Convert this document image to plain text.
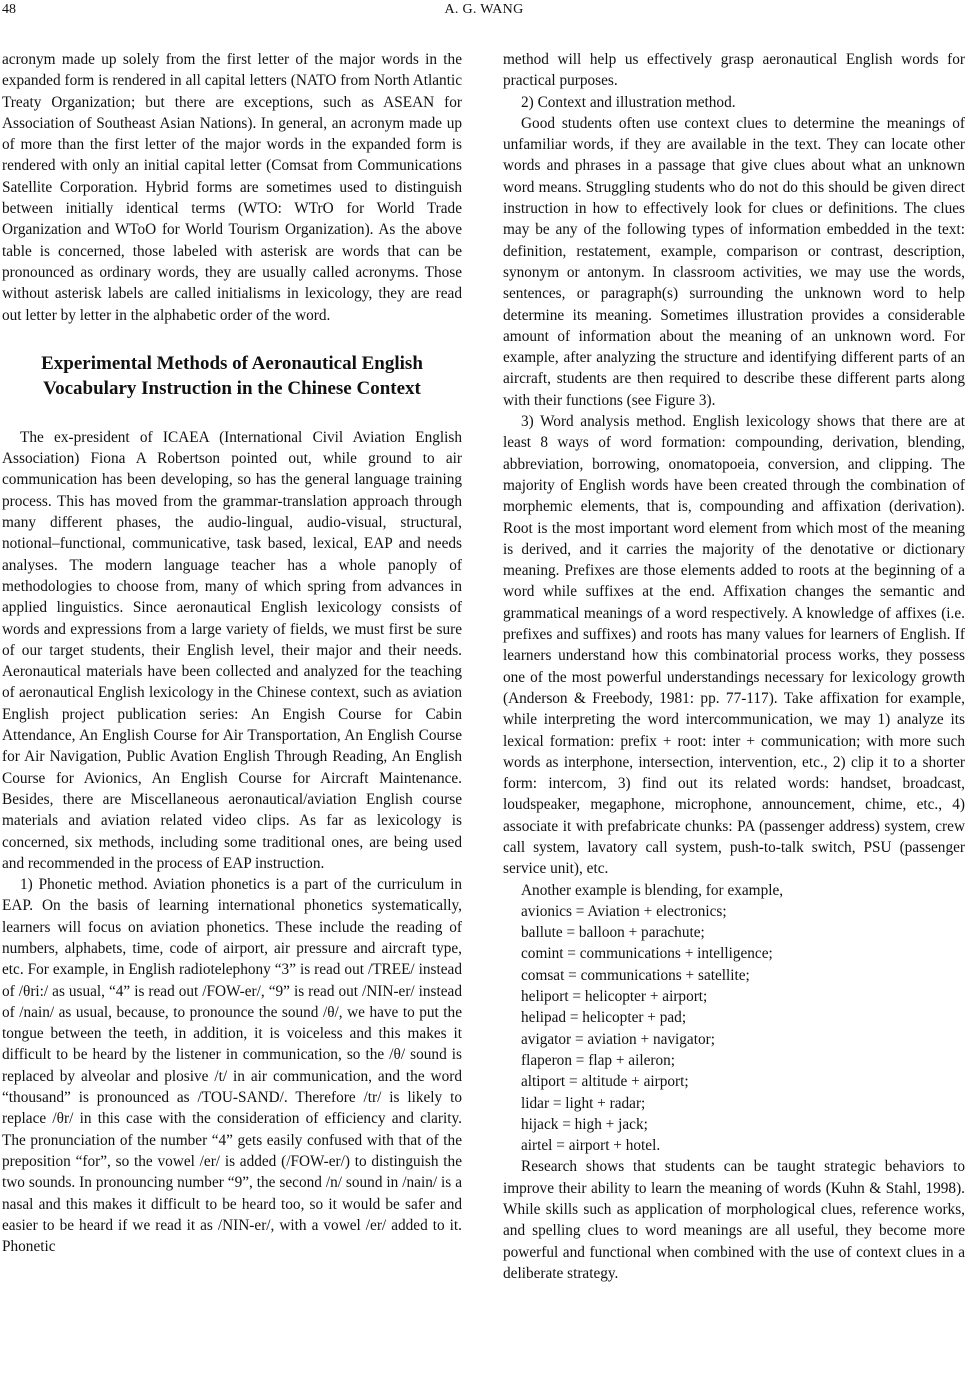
48	A. G. WANG

acronym made up solely from the first letter of the major words in the expanded form is rendered in all capital letters (NATO from North Atlantic Treaty Organization; but there are exceptions, such as ASEAN for Association of Southeast Asian Nations). In general, an acronym made up of more than the first letter of the major words in the expanded form is rendered with only an initial capital letter (Comsat from Communications Satellite Corporation. Hybrid forms are sometimes used to distinguish between initially identical terms (WTO: WTrO for World Trade Organization and WToO for World Tourism Organization). As the above table is concerned, those labeled with asterisk are words that can be pronounced as ordinary words, they are usually called acronyms. Those without asterisk labels are called initialisms in lexicology, they are read out letter by letter in the alphabetic order of the word.

Experimental Methods of Aeronautical English Vocabulary Instruction in the Chinese Context

The ex-president of ICAEA (International Civil Aviation English Association) Fiona A Robertson pointed out, while ground to air communication has been developing, so has the general language training process. This has moved from the grammar-translation approach through many different phases, the audio-lingual, audio-visual, structural, notional–functional, communicative, task based, lexical, EAP and needs analyses. The modern language teacher has a whole panoply of methodologies to choose from, many of which spring from advances in applied linguistics. Since aeronautical English lexicology consists of words and expressions from a large variety of fields, we must first be sure of our target students, their English level, their major and their needs. Aeronautical materials have been collected and analyzed for the teaching of aeronautical English lexicology in the Chinese context, such as aviation English project publication series: An Engish Course for Cabin Attendance, An English Course for Air Transportation, An English Course for Air Navigation, Public Avation English Through Reading, An English Course for Avionics, An English Course for Aircraft Maintenance. Besides, there are Miscellaneous aeronautical/aviation English course materials and aviation related video clips. As far as lexicology is concerned, six methods, including some traditional ones, are being used and recommended in the process of EAP instruction.

1) Phonetic method. Aviation phonetics is a part of the curriculum in EAP. On the basis of learning international phonetics systematically, learners will focus on aviation phonetics. These include the reading of numbers, alphabets, time, code of airport, air pressure and aircraft type, etc. For example, in English radiotelephony “3” is read out /TREE/ instead of /θri:/ as usual, “4” is read out /FOW-er/, “9” is read out /NIN-er/ instead of /nain/ as usual, because, to pronounce the sound /θ/, we have to put the tongue between the teeth, in addition, it is voiceless and this makes it difficult to be heard by the listener in communication, so the /θ/ sound is replaced by alveolar and plosive /t/ in air communication, and the word “thousand” is pronounced as /TOU-SAND/. Therefore /tr/ is likely to replace /θr/ in this case with the consideration of efficiency and clarity. The pronunciation of the number “4” gets easily confused with that of the preposition “for”, so the vowel /er/ is added (/FOW-er/) to distinguish the two sounds. In pronouncing number “9”, the second /n/ sound in /nain/ is a nasal and this makes it difficult to be heard too, so it would be safer and easier to be heard if we read it as /NIN-er/, with a vowel /er/ added to it. Phonetic

method will help us effectively grasp aeronautical English words for practical purposes.

2) Context and illustration method.

Good students often use context clues to determine the meanings of unfamiliar words, if they are available in the text. They can locate other words and phrases in a passage that give clues about what an unknown word means. Struggling students who do not do this should be given direct instruction in how to effectively look for clues or definitions. The clues may be any of the following types of information embedded in the text: definition, restatement, example, comparison or contrast, description, synonym or antonym. In classroom activities, we may use the words, sentences, or paragraph(s) surrounding the unknown word to help determine its meaning. Sometimes illustration provides a considerable amount of information about the meaning of an unknown word. For example, after analyzing the structure and identifying different parts of an aircraft, students are then required to describe these different parts along with their functions (see Figure 3).

3) Word analysis method. English lexicology shows that there are at least 8 ways of word formation: compounding, derivation, blending, abbreviation, borrowing, onomatopoeia, conversion, and clipping. The majority of English words have been created through the combination of morphemic elements, that is, compounding and affixation (derivation). Root is the most important word element from which most of the meaning is derived, and it carries the majority of the denotative or dictionary meaning. Prefixes are those elements added to roots at the beginning of a word while suffixes at the end. Affixation changes the semantic and grammatical meanings of a word respectively. A knowledge of affixes (i.e. prefixes and suffixes) and roots has many values for learners of English. If learners understand how this combinatorial process works, they possess one of the most powerful understandings necessary for lexicology growth (Anderson & Freebody, 1981: pp. 77-117). Take affixation for example, while interpreting the word intercommunication, we may 1) analyze its lexical formation: prefix + root: inter + communication; with more such words as interphone, intersection, intervention, etc., 2) clip it to a shorter form: intercom, 3) find out its related words: handset, broadcast, loudspeaker, megaphone, microphone, announcement, chime, etc., 4) associate it with prefabricate chunks: PA (passenger address) system, crew call system, lavatory call system, push-to-talk switch, PSU (passenger service unit), etc.

Another example is blending, for example,

avionics = Aviation + electronics;

ballute = balloon + parachute;

comint = communications + intelligence;

comsat = communications + satellite;

heliport = helicopter + airport;

helipad = helicopter + pad;

avigator = aviation + navigator;

flaperon = flap + aileron;

altiport = altitude + airport;

lidar = light + radar;

hijack = high + jack;

airtel = airport + hotel.

Research shows that students can be taught strategic behaviors to improve their ability to learn the meaning of words (Kuhn & Stahl, 1998). While skills such as application of morphological clues, reference works, and spelling clues to word meanings are all useful, they become more powerful and functional when combined with the use of context clues in a deliberate strategy.
